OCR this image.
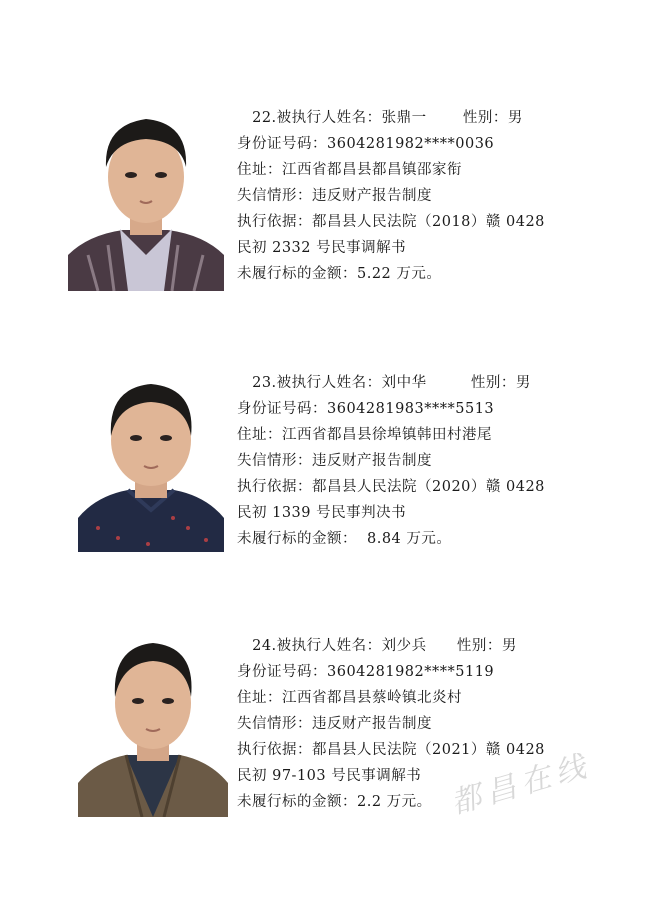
22.被执行人姓名：张鼎一 性别：男
身份证号码：3604281982****0036
住址：江西省都昌县都昌镇邵家衔
失信情形：违反财产报告制度
执行依据：都昌县人民法院（2018）赣 0428
民初 2332 号民事调解书
未履行标的金额：5.22 万元。
23.被执行人姓名：刘中华	性别：男
身份证号码：3604281983****5513
住址：江西省都昌县徐埠镇韩田村港尾
失信情形：违反财产报告制度
执行依据：都昌县人民法院（2020）赣 0428
民初 1339 号民事判决书
未履行标的金额： 8.84 万元。
24.被执行人姓名：刘少兵 性别：男
身份证号码：3604281982****5119
住址：江西省都昌县蔡岭镇北炎村
失信情形：违反财产报告制度
执行依据：都昌县人民法院（2021）赣 0428
民初 97-103 号民事调解书
未履行标的金额：2.2 万元。 都昌在线
